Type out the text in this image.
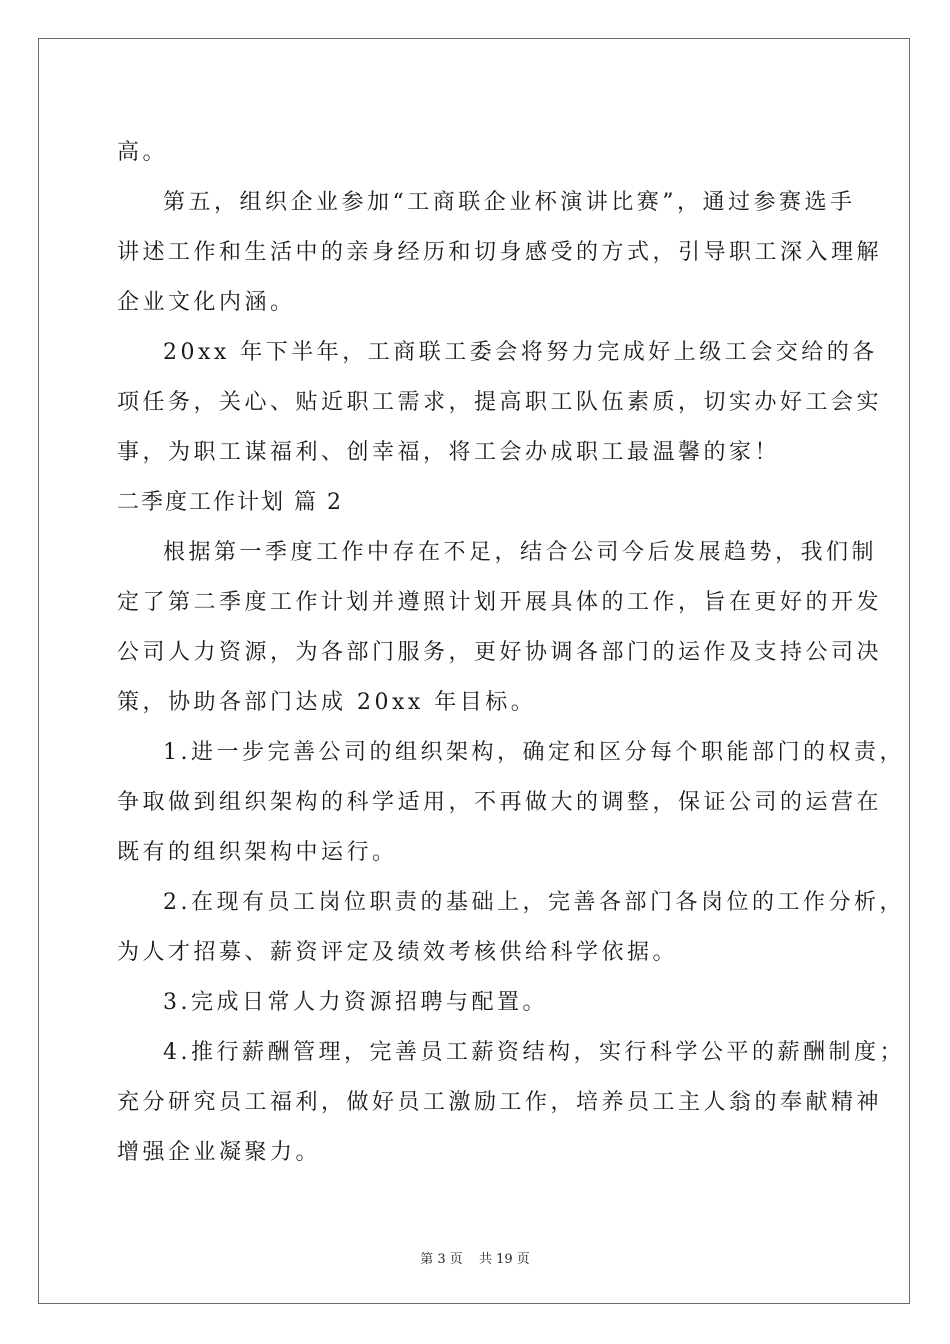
高。
第五，组织企业参加“工商联企业杯演讲比赛”，通过参赛选手
讲述工作和生活中的亲身经历和切身感受的方式，引导职工深入理解
企业文化内涵。
20xx 年下半年，工商联工委会将努力完成好上级工会交给的各
项任务，关心、贴近职工需求，提高职工队伍素质，切实办好工会实
事，为职工谋福利、创幸福，将工会办成职工最温馨的家！
二季度工作计划 篇 2
根据第一季度工作中存在不足，结合公司今后发展趋势，我们制
定了第二季度工作计划并遵照计划开展具体的工作，旨在更好的开发
公司人力资源，为各部门服务，更好协调各部门的运作及支持公司决
策，协助各部门达成 20xx 年目标。
1.进一步完善公司的组织架构，确定和区分每个职能部门的权责，
争取做到组织架构的科学适用，不再做大的调整，保证公司的运营在
既有的组织架构中运行。
2.在现有员工岗位职责的基础上，完善各部门各岗位的工作分析，
为人才招募、薪资评定及绩效考核供给科学依据。
3.完成日常人力资源招聘与配置。
4.推行薪酬管理，完善员工薪资结构，实行科学公平的薪酬制度；
充分研究员工福利，做好员工激励工作，培养员工主人翁的奉献精神
增强企业凝聚力。
第 3 页 共 19 页
